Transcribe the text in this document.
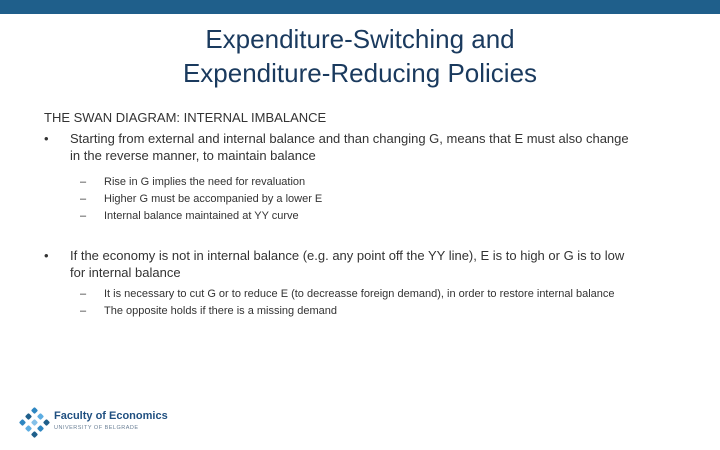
Expenditure-Switching and
Expenditure-Reducing Policies
THE SWAN DIAGRAM: INTERNAL IMBALANCE
• Starting from external and internal balance and than changing G, means that E must also change
in the reverse manner, to maintain balance
– Rise in G implies the need for revaluation
– Higher G must be accompanied by a lower E
– Internal balance maintained at YY curve
• If the economy is not in internal balance (e.g. any point off the YY line), E is to high or G is to low
for internal balance
– It is necessary to cut G or to reduce E (to decreasse foreign demand), in order to restore internal balance
– The opposite holds if there is a missing demand
Faculty of Economics
UNIVERSITY OF BELGRADE
